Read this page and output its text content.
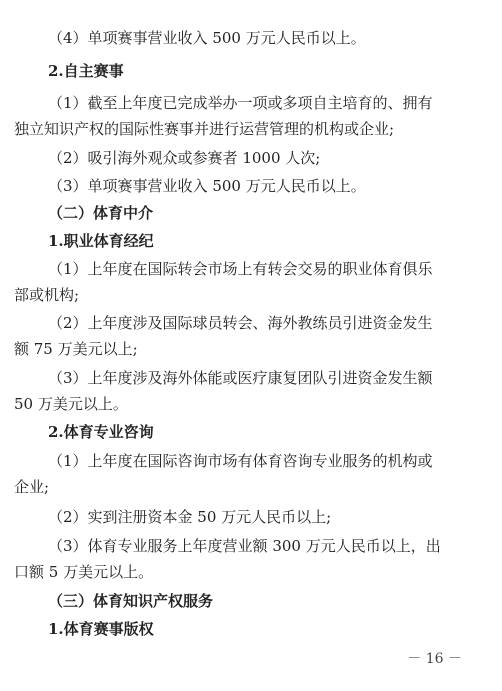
（4）单项赛事营业收入 500 万元人民币以上。
2.自主赛事
（1）截至上年度已完成举办一项或多项自主培育的、拥有
独立知识产权的国际性赛事并进行运营管理的机构或企业;
（2）吸引海外观众或参赛者 1000 人次;
（3）单项赛事营业收入 500 万元人民币以上。
（二）体育中介
1.职业体育经纪
（1）上年度在国际转会市场上有转会交易的职业体育俱乐
部或机构;
（2）上年度涉及国际球员转会、海外教练员引进资金发生
额 75 万美元以上;
（3）上年度涉及海外体能或医疗康复团队引进资金发生额
50 万美元以上。
2.体育专业咨询
（1）上年度在国际咨询市场有体育咨询专业服务的机构或
企业;
（2）实到注册资本金 50 万元人民币以上;
（3）体育专业服务上年度营业额 300 万元人民币以上，出
口额 5 万美元以上。
（三）体育知识产权服务
1.体育赛事版权
－ 16 －
